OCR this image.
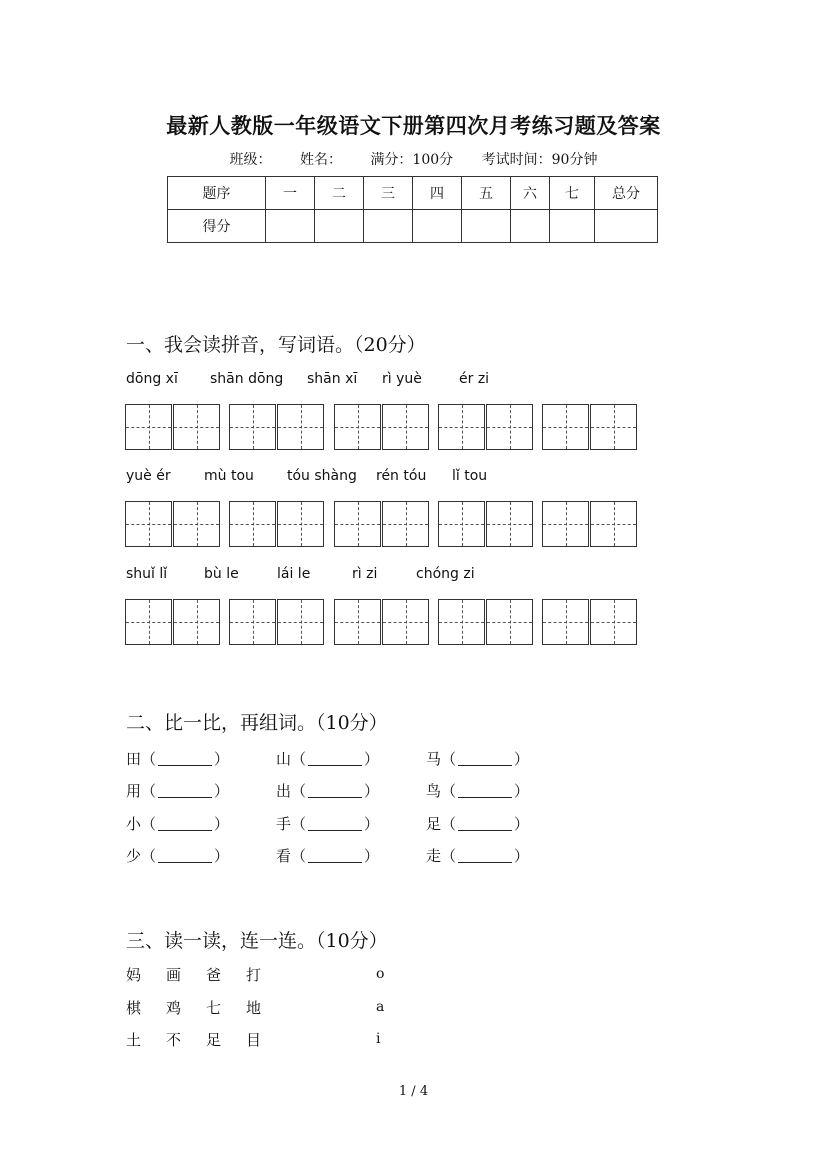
最新人教版一年级语文下册第四次月考练习题及答案
班级： 姓名： 满分：100分 考试时间：90分钟
题序	一	二	三	四	五	六	七	总分
得分								
一、我会读拼音，写词语。（20分）
dōng xī shān dōng shān xī rì yuè	ér zi
yuè ér mù tou tóu shàng rén tóu lǐ tou
shuǐ lǐ	bù le	lái le	rì zi	chóng zi
二、比一比，再组词。（10分）
田（	）	山（	）	马（	）
用（	）	出（	）	鸟（	）
小（	）	手（	）	足（	）
少（	）	看（	）	走（	）
三、读一读，连一连。（10分）
妈 画 爸 打
棋 鸡 七 地
土 不 足 目
o
a
i
1 / 4
